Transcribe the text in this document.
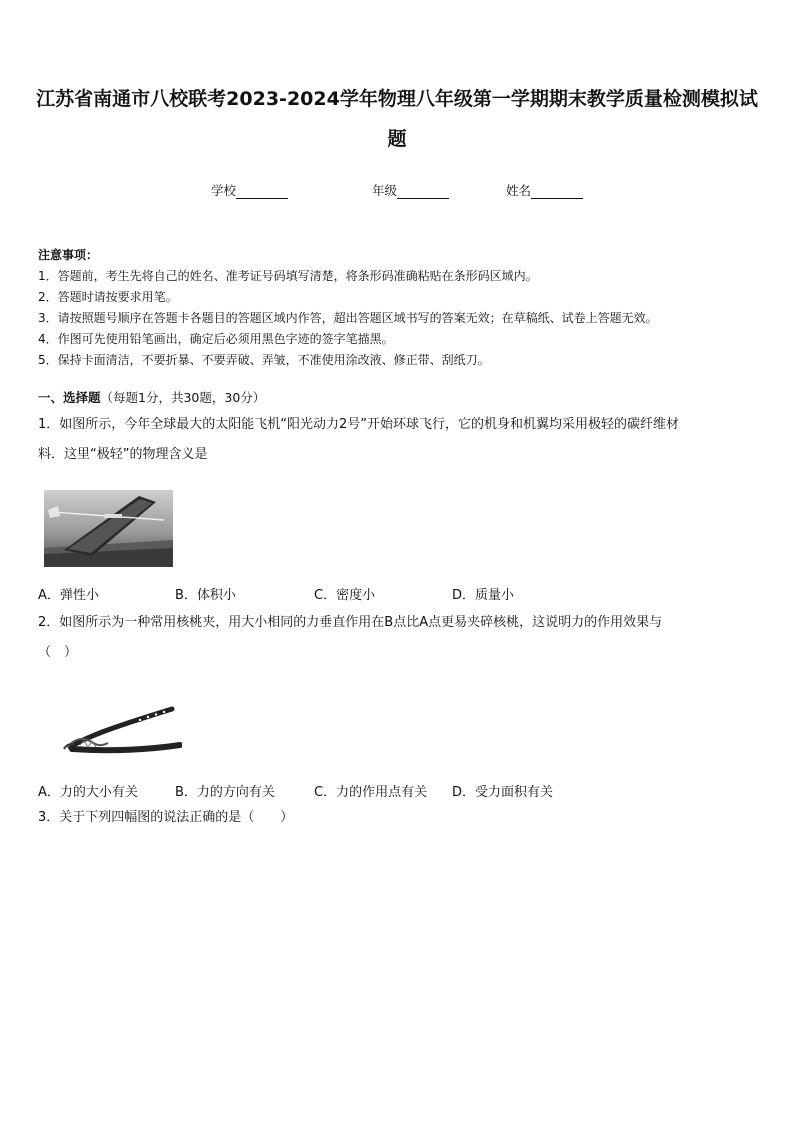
江苏省南通市八校联考2023-2024学年物理八年级第一学期期末教学质量检测模拟试
题
学校	年级	姓名
注意事项：
1．答题前，考生先将自己的姓名、准考证号码填写清楚，将条形码准确粘贴在条形码区域内。
2．答题时请按要求用笔。
3．请按照题号顺序在答题卡各题目的答题区域内作答，超出答题区域书写的答案无效；在草稿纸、试卷上答题无效。
4．作图可先使用铅笔画出，确定后必须用黑色字迹的签字笔描黑。
5．保持卡面清洁，不要折暴、不要弄破、弄皱，不准使用涂改液、修正带、刮纸刀。
一、选择题（每题1分，共30题，30分）
1．如图所示，今年全球最大的太阳能飞机“阳光动力2号”开始环球飞行，它的机身和机翼均采用极轻的碳纤维材
料．这里“极轻”的物理含义是
A．弹性小	B．体积小	C．密度小	D．质量小
2．如图所示为一种常用核桃夹，用大小相同的力垂直作用在B点比A点更易夹碎核桃，这说明力的作用效果与
（　）
A．力的大小有关	B．力的方向有关	C．力的作用点有关 D．受力面积有关
3．关于下列四幅图的说法正确的是（　　）
